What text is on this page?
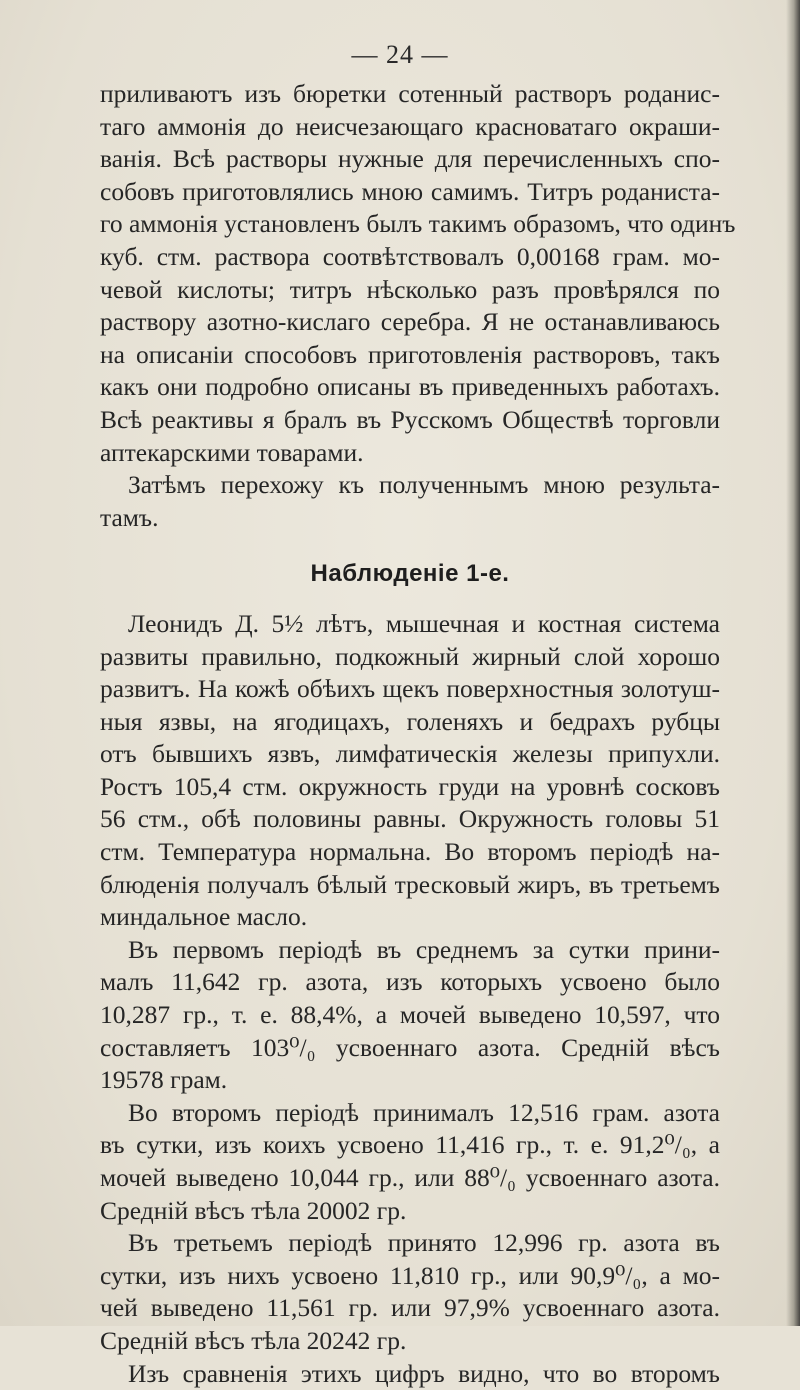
— 24 —
приливаютъ изъ бюретки сотенный растворъ роданис-
таго аммонія до неисчезающаго красноватаго окраши-
ванія. Всѣ растворы нужные для перечисленныхъ спо-
собовъ приготовлялись мною самимъ. Титръ роданиста-
го аммонія установленъ былъ такимъ образомъ, что одинъ
куб. стм. раствора соотвѣтствовалъ 0,00168 грам. мо-
чевой кислоты; титръ нѣсколько разъ провѣрялся по
раствору азотно-кислаго серебра. Я не останавливаюсь
на описаніи способовъ приготовленія растворовъ, такъ
какъ они подробно описаны въ приведенныхъ работахъ.
Всѣ реактивы я бралъ въ Русскомъ Обществѣ торговли
аптекарскими товарами.
Затѣмъ перехожу къ полученнымъ мною результа-
тамъ.
Наблюденіе 1-е.
Леонидъ Д. 5½ лѣтъ, мышечная и костная система
развиты правильно, подкожный жирный слой хорошо
развитъ. На кожѣ обѣихъ щекъ поверхностныя золотуш-
ныя язвы, на ягодицахъ, голеняхъ и бедрахъ рубцы
отъ бывшихъ язвъ, лимфатическія железы припухли.
Ростъ 105,4 стм. окружность груди на уровнѣ сосковъ
56 стм., обѣ половины равны. Окружность головы 51
стм. Температура нормальна. Во второмъ періодѣ на-
блюденія получалъ бѣлый трескoвый жиръ, въ третьемъ
миндальное масло.
Въ первомъ періодѣ въ среднемъ за сутки прини-
малъ 11,642 гр. азота, изъ которыхъ усвоено было
10,287 гр., т. е. 88,4%, а мочей выведено 10,597, что
составляетъ 103⁰/₀ усвоеннаго азота. Средній вѣсъ
19578 грам.
Во второмъ періодѣ принималъ 12,516 грам. азота
въ сутки, изъ коихъ усвоено 11,416 гр., т. е. 91,2⁰/₀, а
мочей выведено 10,044 гр., или 88⁰/₀ усвоеннаго азота.
Средній вѣсъ тѣла 20002 гр.
Въ третьемъ періодѣ принято 12,996 гр. азота въ
сутки, изъ нихъ усвоено 11,810 гр., или 90,9⁰/₀, а мо-
чей выведено 11,561 гр. или 97,9% усвоеннаго азота.
Средній вѣсъ тѣла 20242 гр.
Изъ сравненія этихъ цифръ видно, что во второмъ
